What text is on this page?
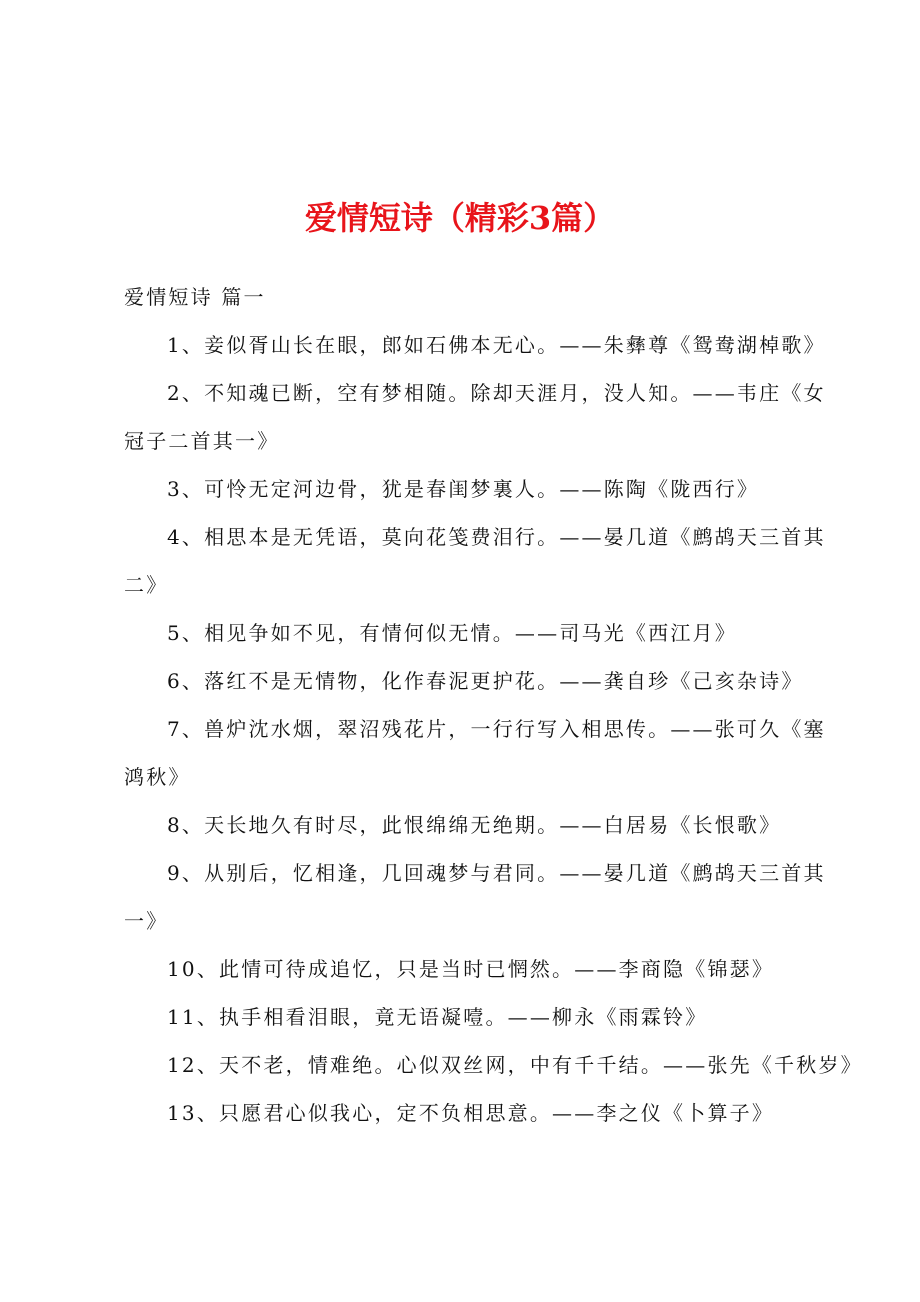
爱情短诗（精彩3篇）
爱情短诗 篇一
1、妾似胥山长在眼，郎如石佛本无心。——朱彝尊《鸳鸯湖棹歌》
2、不知魂已断，空有梦相随。除却天涯月，没人知。——韦庄《女
冠子二首其一》
3、可怜无定河边骨，犹是春闺梦裏人。——陈陶《陇西行》
4、相思本是无凭语，莫向花笺费泪行。——晏几道《鹧鸪天三首其
二》
5、相见争如不见，有情何似无情。——司马光《西江月》
6、落红不是无情物，化作春泥更护花。——龚自珍《己亥杂诗》
7、兽炉沈水烟，翠沼残花片，一行行写入相思传。——张可久《塞
鸿秋》
8、天长地久有时尽，此恨绵绵无绝期。——白居易《长恨歌》
9、从别后，忆相逢，几回魂梦与君同。——晏几道《鹧鸪天三首其
一》
10、此情可待成追忆，只是当时已惘然。——李商隐《锦瑟》
11、执手相看泪眼，竟无语凝噎。——柳永《雨霖铃》
12、天不老，情难绝。心似双丝网，中有千千结。——张先《千秋岁》
13、只愿君心似我心，定不负相思意。——李之仪《卜算子》
